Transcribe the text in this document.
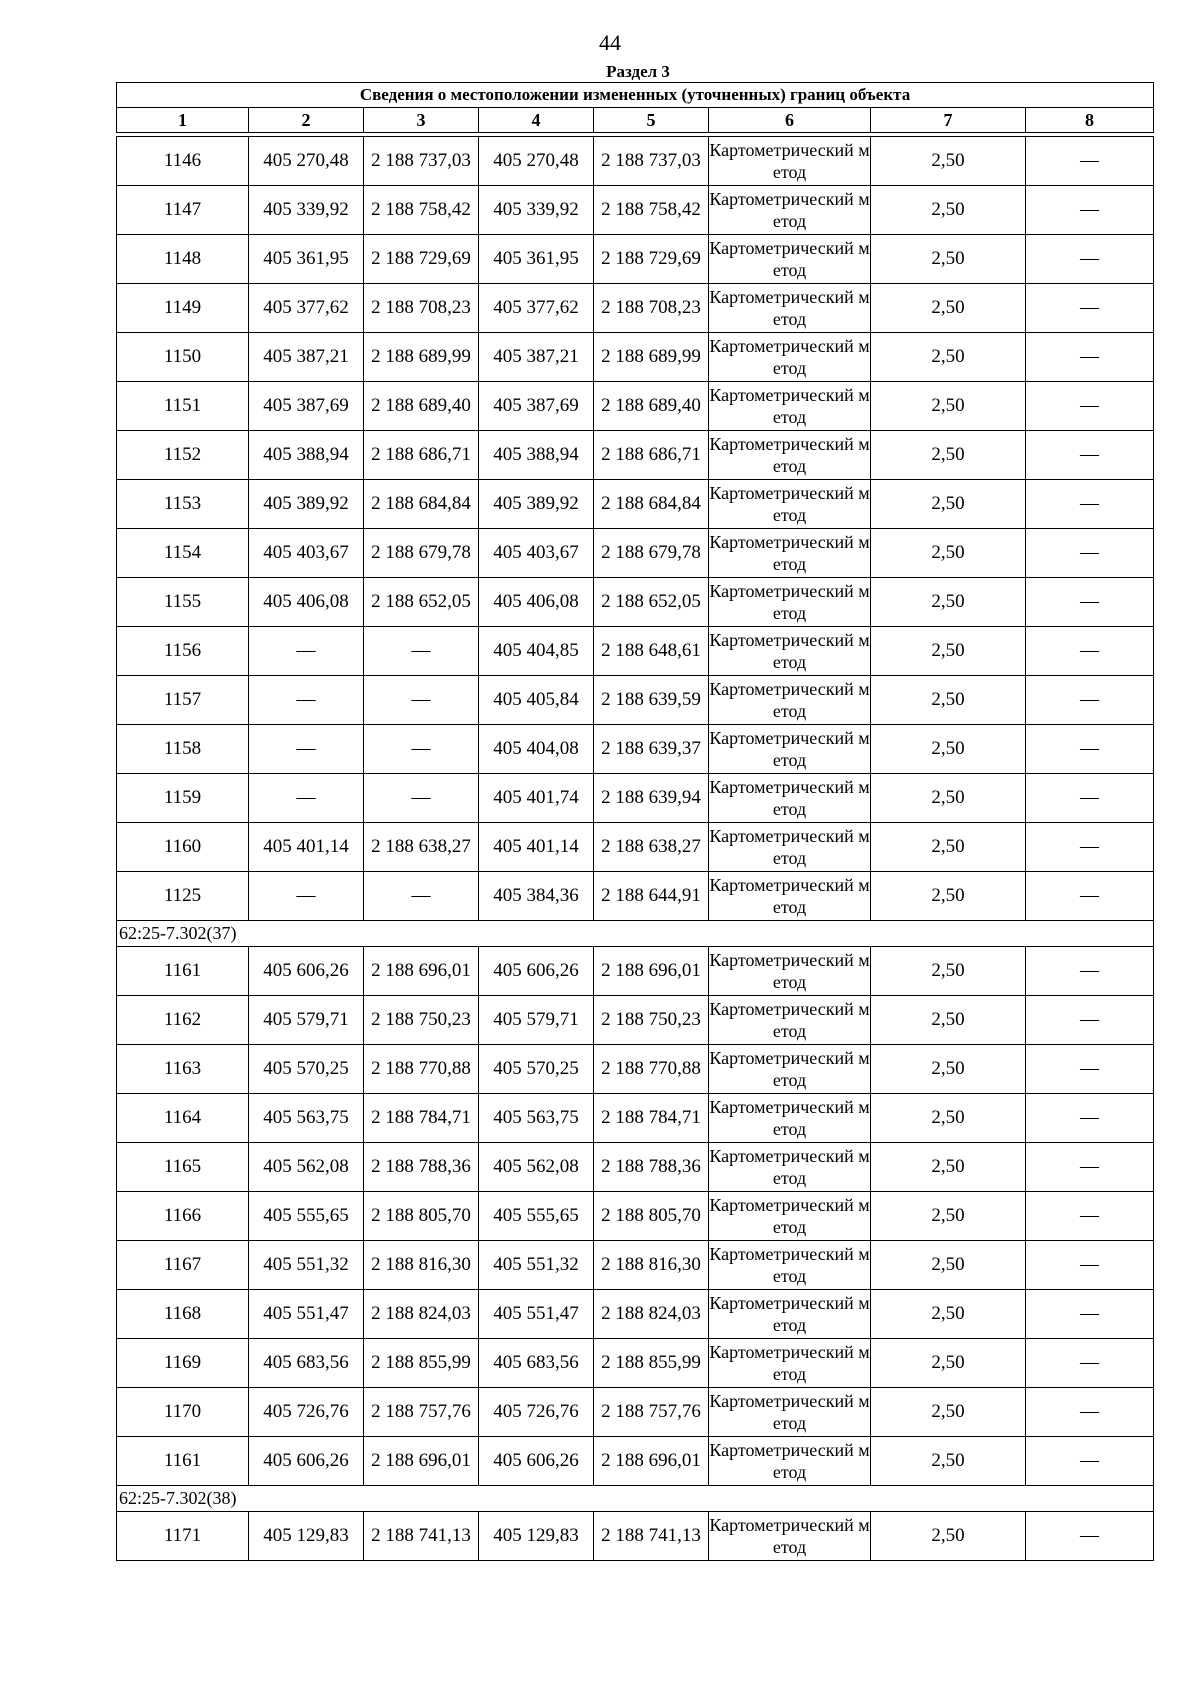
44
Раздел 3
Сведения о местоположении измененных (уточненных) границ объекта							
1	2	3	4	5	6	7	8

1146	405 270,48	2 188 737,03	405 270,48	2 188 737,03	Картометрический метод	2,50	—
1147	405 339,92	2 188 758,42	405 339,92	2 188 758,42	Картометрический метод	2,50	—
1148	405 361,95	2 188 729,69	405 361,95	2 188 729,69	Картометрический метод	2,50	—
1149	405 377,62	2 188 708,23	405 377,62	2 188 708,23	Картометрический метод	2,50	—
1150	405 387,21	2 188 689,99	405 387,21	2 188 689,99	Картометрический метод	2,50	—
1151	405 387,69	2 188 689,40	405 387,69	2 188 689,40	Картометрический метод	2,50	—
1152	405 388,94	2 188 686,71	405 388,94	2 188 686,71	Картометрический метод	2,50	—
1153	405 389,92	2 188 684,84	405 389,92	2 188 684,84	Картометрический метод	2,50	—
1154	405 403,67	2 188 679,78	405 403,67	2 188 679,78	Картометрический метод	2,50	—
1155	405 406,08	2 188 652,05	405 406,08	2 188 652,05	Картометрический метод	2,50	—
1156	—	—	405 404,85	2 188 648,61	Картометрический метод	2,50	—
1157	—	—	405 405,84	2 188 639,59	Картометрический метод	2,50	—
1158	—	—	405 404,08	2 188 639,37	Картометрический метод	2,50	—
1159	—	—	405 401,74	2 188 639,94	Картометрический метод	2,50	—
1160	405 401,14	2 188 638,27	405 401,14	2 188 638,27	Картометрический метод	2,50	—
1125	—	—	405 384,36	2 188 644,91	Картометрический метод	2,50	—
62:25-7.302(37)							
1161	405 606,26	2 188 696,01	405 606,26	2 188 696,01	Картометрический метод	2,50	—
1162	405 579,71	2 188 750,23	405 579,71	2 188 750,23	Картометрический метод	2,50	—
1163	405 570,25	2 188 770,88	405 570,25	2 188 770,88	Картометрический метод	2,50	—
1164	405 563,75	2 188 784,71	405 563,75	2 188 784,71	Картометрический метод	2,50	—
1165	405 562,08	2 188 788,36	405 562,08	2 188 788,36	Картометрический метод	2,50	—
1166	405 555,65	2 188 805,70	405 555,65	2 188 805,70	Картометрический метод	2,50	—
1167	405 551,32	2 188 816,30	405 551,32	2 188 816,30	Картометрический метод	2,50	—
1168	405 551,47	2 188 824,03	405 551,47	2 188 824,03	Картометрический метод	2,50	—
1169	405 683,56	2 188 855,99	405 683,56	2 188 855,99	Картометрический метод	2,50	—
1170	405 726,76	2 188 757,76	405 726,76	2 188 757,76	Картометрический метод	2,50	—
1161	405 606,26	2 188 696,01	405 606,26	2 188 696,01	Картометрический метод	2,50	—
62:25-7.302(38)							
1171	405 129,83	2 188 741,13	405 129,83	2 188 741,13	Картометрический метод	2,50	—
